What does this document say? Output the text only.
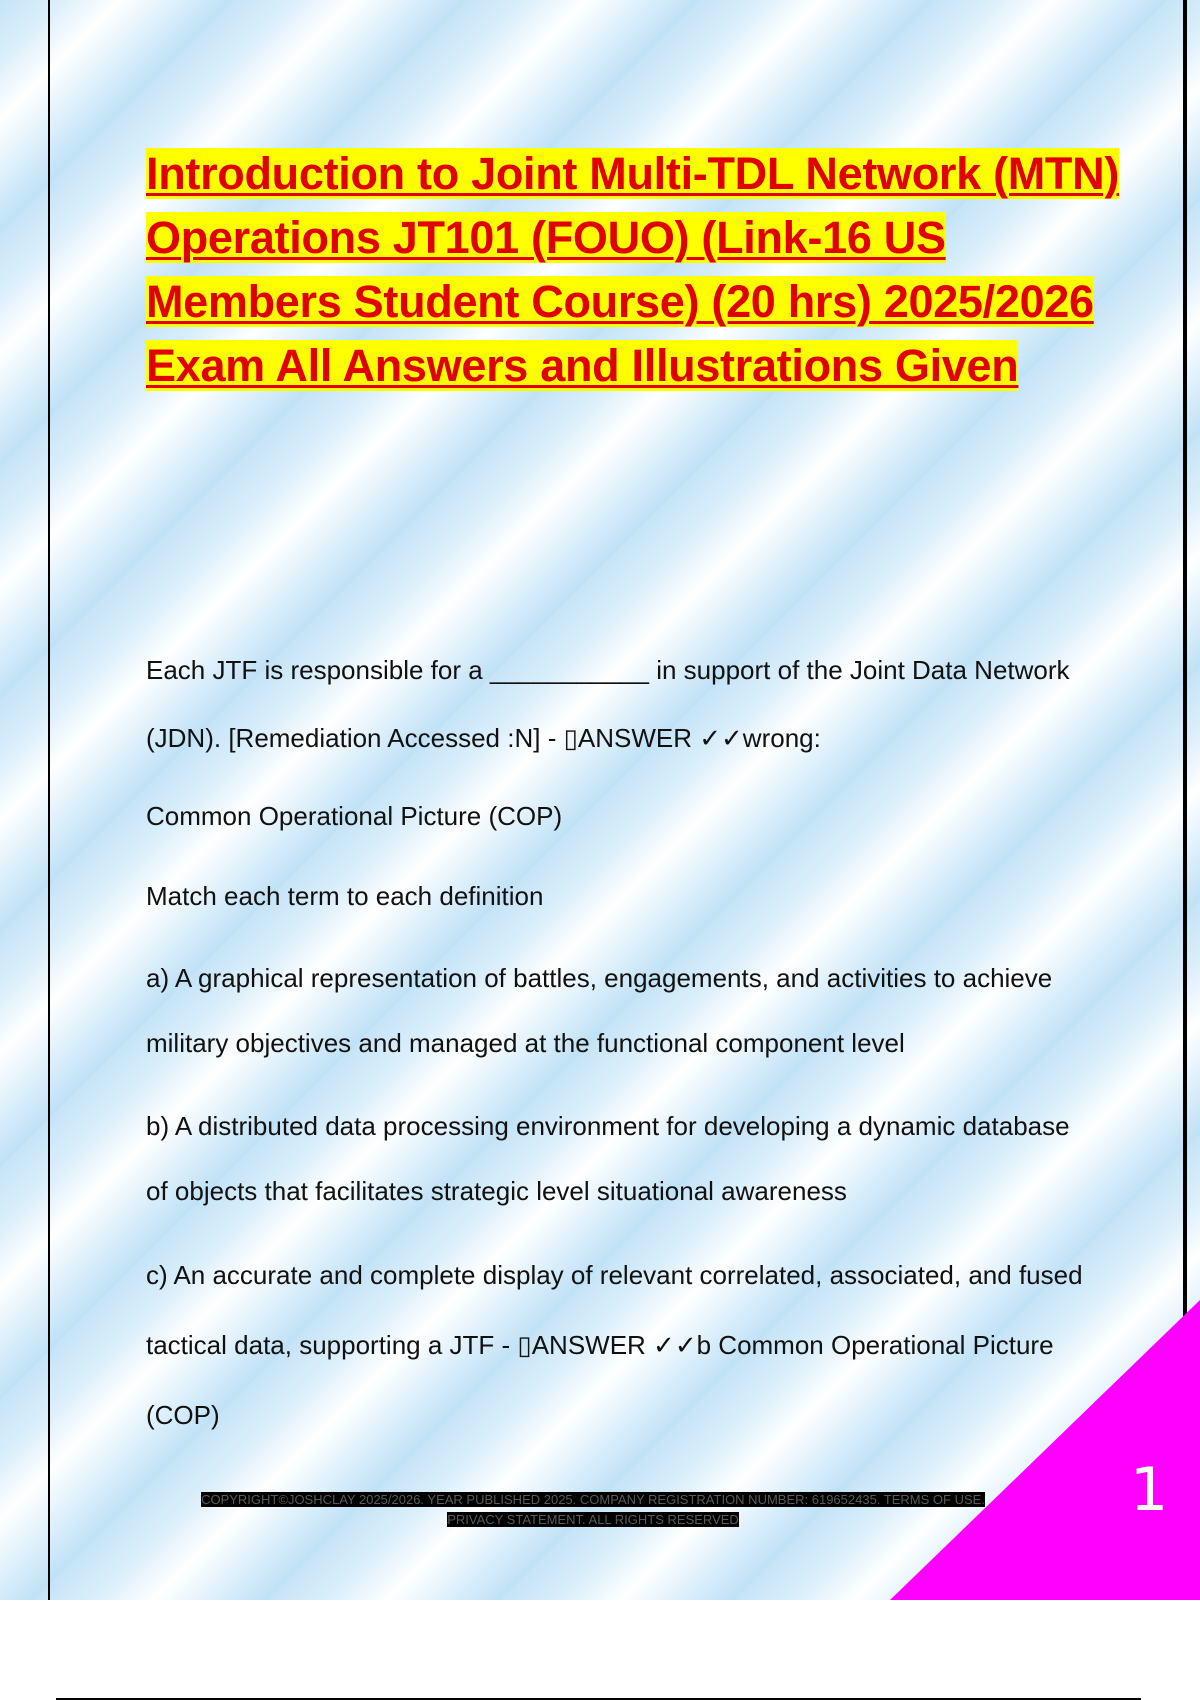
Introduction to Joint Multi-TDL Network (MTN) Operations JT101 (FOUO) (Link-16 US Members Student Course) (20 hrs) 2025/2026 Exam All Answers and Illustrations Given

Each JTF is responsible for a ___________ in support of the Joint Data Network (JDN). [Remediation Accessed :N] - ▯ANSWER ✓✓wrong:

Common Operational Picture (COP)

Match each term to each definition

a) A graphical representation of battles, engagements, and activities to achieve military objectives and managed at the functional component level

b) A distributed data processing environment for developing a dynamic database of objects that facilitates strategic level situational awareness

c) An accurate and complete display of relevant correlated, associated, and fused tactical data, supporting a JTF - ▯ANSWER ✓✓b Common Operational Picture (COP)

1
COPYRIGHT©JOSHCLAY 2025/2026. YEAR PUBLISHED 2025. COMPANY REGISTRATION NUMBER: 619652435. TERMS OF USE. PRIVACY STATEMENT. ALL RIGHTS RESERVED
